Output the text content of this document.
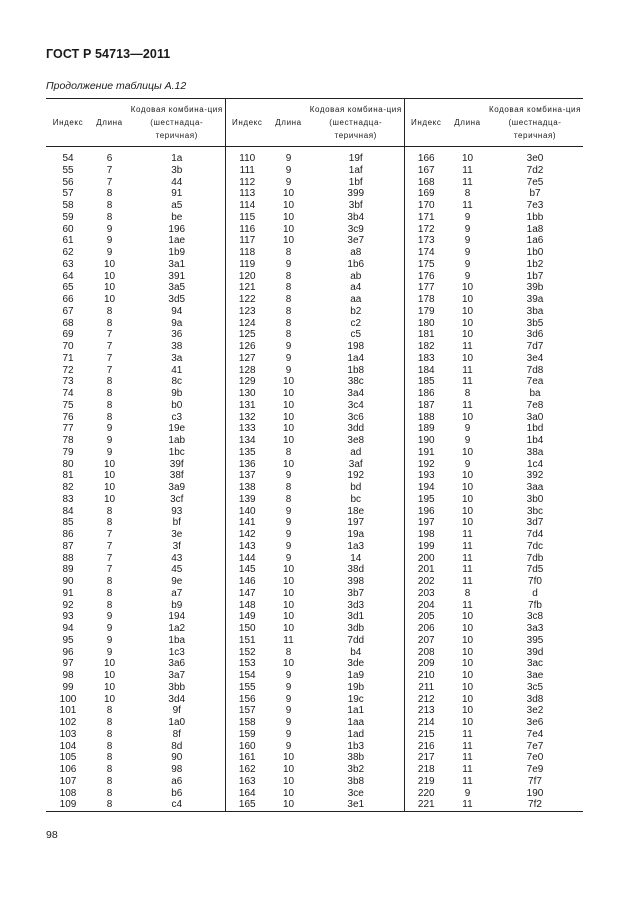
ГОСТ Р 54713—2011
Продолжение таблицы А.12
Индекс	Длина	Кодовая комбина-ция (шестнадца-теричная)	Индекс	Длина	Кодовая комбина-ция (шестнадца-теричная)	Индекс	Длина	Кодовая комбина-ция (шестнадца-теричная)

54	6	1a	110	9	19f	166	10	3e0
55	7	3b	111	9	1af	167	11	7d2
56	7	44	112	9	1bf	168	11	7e5
57	8	91	113	10	399	169	8	b7
58	8	a5	114	10	3bf	170	11	7e3
59	8	be	115	10	3b4	171	9	1bb
60	9	196	116	10	3c9	172	9	1a8
61	9	1ae	117	10	3e7	173	9	1a6
62	9	1b9	118	8	a8	174	9	1b0
63	10	3a1	119	9	1b6	175	9	1b2
64	10	391	120	8	ab	176	9	1b7
65	10	3a5	121	8	a4	177	10	39b
66	10	3d5	122	8	aa	178	10	39a
67	8	94	123	8	b2	179	10	3ba
68	8	9a	124	8	c2	180	10	3b5
69	7	36	125	8	c5	181	10	3d6
70	7	38	126	9	198	182	11	7d7
71	7	3a	127	9	1a4	183	10	3e4
72	7	41	128	9	1b8	184	11	7d8
73	8	8c	129	10	38c	185	11	7ea
74	8	9b	130	10	3a4	186	8	ba
75	8	b0	131	10	3c4	187	11	7e8
76	8	c3	132	10	3c6	188	10	3a0
77	9	19e	133	10	3dd	189	9	1bd
78	9	1ab	134	10	3e8	190	9	1b4
79	9	1bc	135	8	ad	191	10	38a
80	10	39f	136	10	3af	192	9	1c4
81	10	38f	137	9	192	193	10	392
82	10	3a9	138	8	bd	194	10	3aa
83	10	3cf	139	8	bc	195	10	3b0
84	8	93	140	9	18e	196	10	3bc
85	8	bf	141	9	197	197	10	3d7
86	7	3e	142	9	19a	198	11	7d4
87	7	3f	143	9	1a3	199	11	7dc
88	7	43	144	9	14	200	11	7db
89	7	45	145	10	38d	201	11	7d5
90	8	9e	146	10	398	202	11	7f0
91	8	a7	147	10	3b7	203	8	d
92	8	b9	148	10	3d3	204	11	7fb
93	9	194	149	10	3d1	205	10	3c8
94	9	1a2	150	10	3db	206	10	3a3
95	9	1ba	151	11	7dd	207	10	395
96	9	1c3	152	8	b4	208	10	39d
97	10	3a6	153	10	3de	209	10	3ac
98	10	3a7	154	9	1a9	210	10	3ae
99	10	3bb	155	9	19b	211	10	3c5
100	10	3d4	156	9	19c	212	10	3d8
101	8	9f	157	9	1a1	213	10	3e2
102	8	1a0	158	9	1aa	214	10	3e6
103	8	8f	159	9	1ad	215	11	7e4
104	8	8d	160	9	1b3	216	11	7e7
105	8	90	161	10	38b	217	11	7e0
106	8	98	162	10	3b2	218	11	7e9
107	8	a6	163	10	3b8	219	11	7f7
108	8	b6	164	10	3ce	220	9	190
109	8	c4	165	10	3e1	221	11	7f2
98
